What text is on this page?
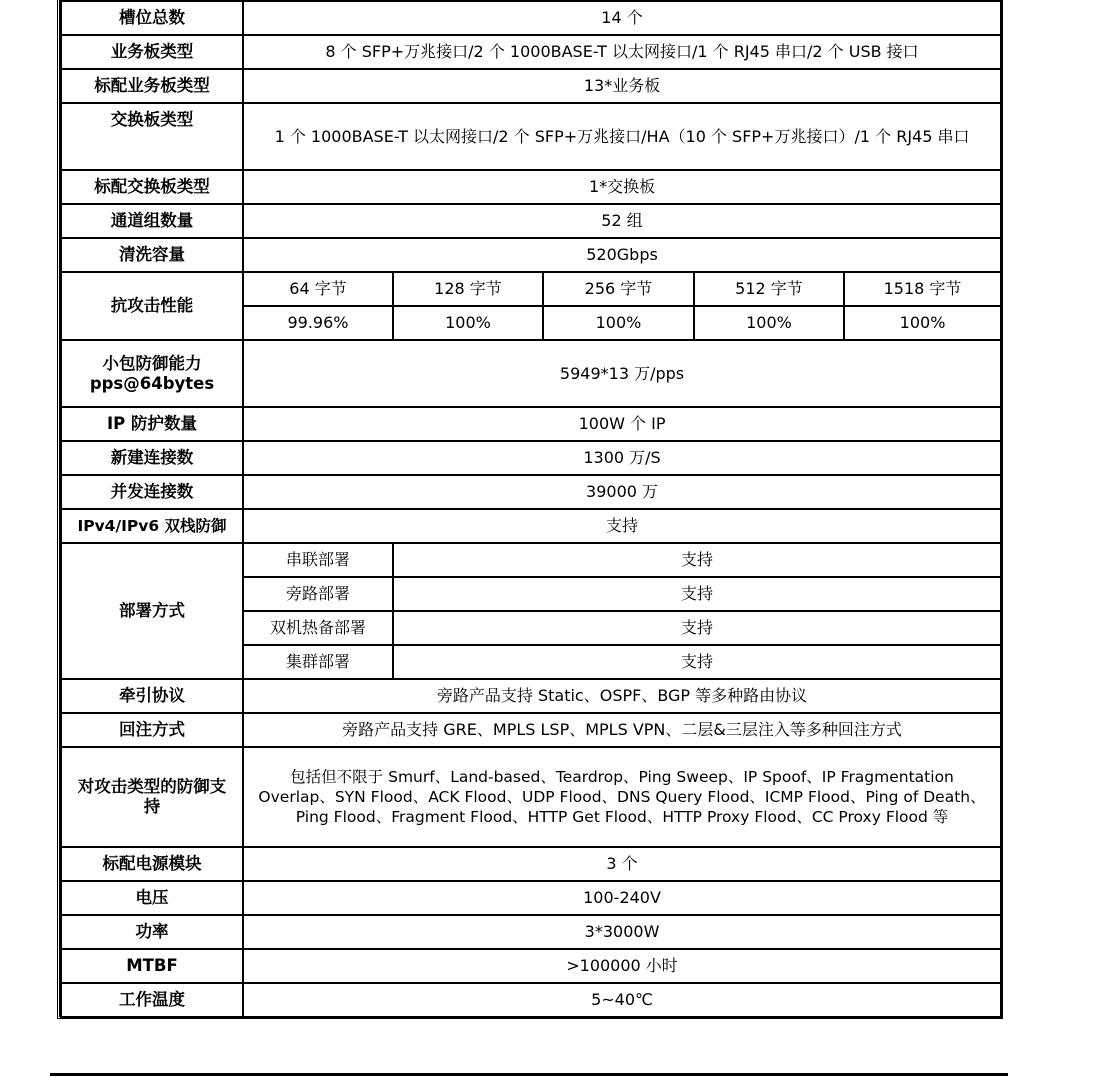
槽位总数	14 个				
业务板类型	8 个 SFP+万兆接口/2 个 1000BASE-T 以太网接口/1 个 RJ45 串口/2 个 USB 接口				
标配业务板类型	13*业务板				
交换板类型	1 个 1000BASE-T 以太网接口/2 个 SFP+万兆接口/HA（10 个 SFP+万兆接口）/1 个 RJ45 串口				
标配交换板类型	1*交换板				
通道组数量	52 组				
清洗容量	520Gbps				
抗攻击性能	64 字节	128 字节	256 字节	512 字节	1518 字节
	99.96%	100%	100%	100%	100%

小包防御能力
pps@64bytes	5949*13 万/pps				
IP 防护数量	100W 个 IP				
新建连接数	1300 万/S				
并发连接数	39000 万				
IPv4/IPv6 双栈防御	支持				
部署方式	串联部署	支持			
	旁路部署	支持			
	双机热备部署	支持			
	集群部署	支持			
牵引协议	旁路产品支持 Static、OSPF、BGP 等多种路由协议				
回注方式	旁路产品支持 GRE、MPLS LSP、MPLS VPN、二层&三层注入等多种回注方式				
对攻击类型的防御支持	包括但不限于 Smurf、Land-based、Teardrop、Ping Sweep、IP Spoof、IP Fragmentation Overlap、SYN Flood、ACK Flood、UDP Flood、DNS Query Flood、ICMP Flood、Ping of Death、Ping Flood、Fragment Flood、HTTP Get Flood、HTTP Proxy Flood、CC Proxy Flood 等				
标配电源模块	3 个				
电压	100-240V				
功率	3*3000W				
MTBF	>100000 小时				
工作温度	5~40℃				
